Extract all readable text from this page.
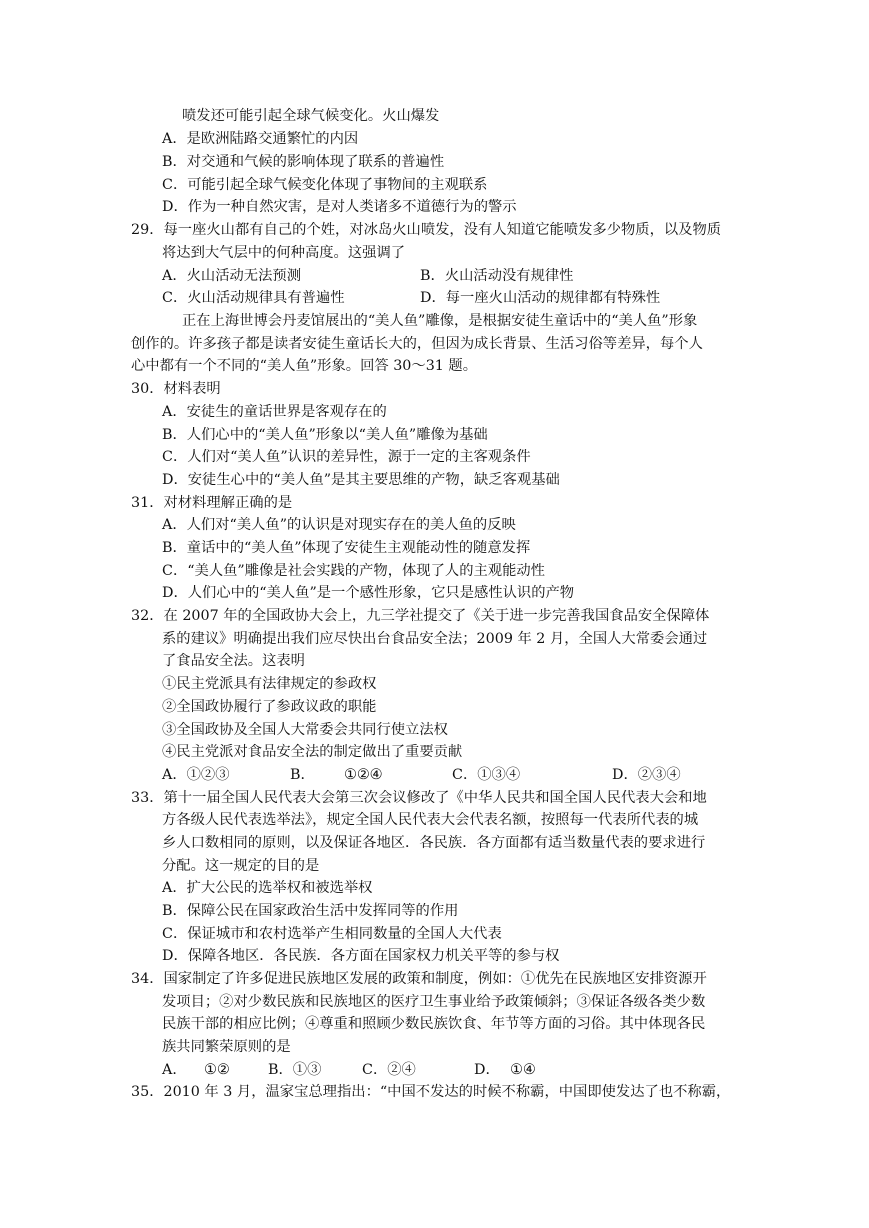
喷发还可能引起全球气候变化。火山爆发
A．是欧洲陆路交通繁忙的内因
B．对交通和气候的影响体现了联系的普遍性
C．可能引起全球气候变化体现了事物间的主观联系
D．作为一种自然灾害，是对人类诸多不道德行为的警示
29．每一座火山都有自己的个姓，对冰岛火山喷发，没有人知道它能喷发多少物质，以及物质
将达到大气层中的何种高度。这强调了
A．火山活动无法预测	B．火山活动没有规律性
C．火山活动规律具有普遍性	D．每一座火山活动的规律都有特殊性
正在上海世博会丹麦馆展出的“美人鱼”雕像，是根据安徒生童话中的“美人鱼”形象
创作的。许多孩子都是读者安徒生童话长大的，但因为成长背景、生活习俗等差异，每个人
心中都有一个不同的“美人鱼”形象。回答 30～31 题。
30．材料表明
A．安徒生的童话世界是客观存在的
B．人们心中的“美人鱼”形象以“美人鱼”雕像为基础
C．人们对“美人鱼”认识的差异性，源于一定的主客观条件
D．安徒生心中的“美人鱼”是其主要思维的产物，缺乏客观基础
31．对材料理解正确的是
A．人们对“美人鱼”的认识是对现实存在的美人鱼的反映
B．童话中的“美人鱼”体现了安徒生主观能动性的随意发挥
C．“美人鱼”雕像是社会实践的产物，体现了人的主观能动性
D．人们心中的“美人鱼”是一个感性形象，它只是感性认识的产物
32．在 2007 年的全国政协大会上，九三学社提交了《关于进一步完善我国食品安全保障体
系的建议》明确提出我们应尽快出台食品安全法；2009 年 2 月，全国人大常委会通过
了食品安全法。这表明
①民主党派具有法律规定的参政权
②全国政协履行了参政议政的职能
③全国政协及全国人大常委会共同行使立法权
④民主党派对食品安全法的制定做出了重要贡献
A．①②③	B． ①②④	C．①③④	D．②③④
33．第十一届全国人民代表大会第三次会议修改了《中华人民共和国全国人民代表大会和地
方各级人民代表选举法》，规定全国人民代表大会代表名额，按照每一代表所代表的城
乡人口数相同的原则，以及保证各地区．各民族．各方面都有适当数量代表的要求进行
分配。这一规定的目的是
A．扩大公民的选举权和被选举权
B．保障公民在国家政治生活中发挥同等的作用
C．保证城市和农村选举产生相同数量的全国人大代表
D．保障各地区．各民族．各方面在国家权力机关平等的参与权
34．国家制定了许多促进民族地区发展的政策和制度，例如：①优先在民族地区安排资源开
发项目；②对少数民族和民族地区的医疗卫生事业给予政策倾斜；③保证各级各类少数
民族干部的相应比例；④尊重和照顾少数民族饮食、年节等方面的习俗。其中体现各民
族共同繁荣原则的是
A． ①②	B．①③	C．②④	D． ①④
35．2010 年 3 月，温家宝总理指出：“中国不发达的时候不称霸，中国即使发达了也不称霸，
